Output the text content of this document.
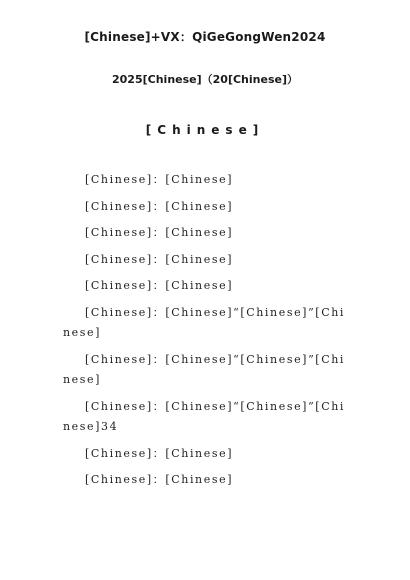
[Chinese]+VX：QiGeGongWen2024
2025[Chinese]（20[Chinese]）
[Chinese]
[Chinese]：[Chinese]
[Chinese]：[Chinese]
[Chinese]：[Chinese]
[Chinese]：[Chinese]
[Chinese]：[Chinese]
[Chinese]：[Chinese]“[Chinese]”[Chinese]
[Chinese]：[Chinese]“[Chinese]”[Chinese]
[Chinese]：[Chinese]“[Chinese]”[Chinese]34
[Chinese]：[Chinese]
[Chinese]：[Chinese]
